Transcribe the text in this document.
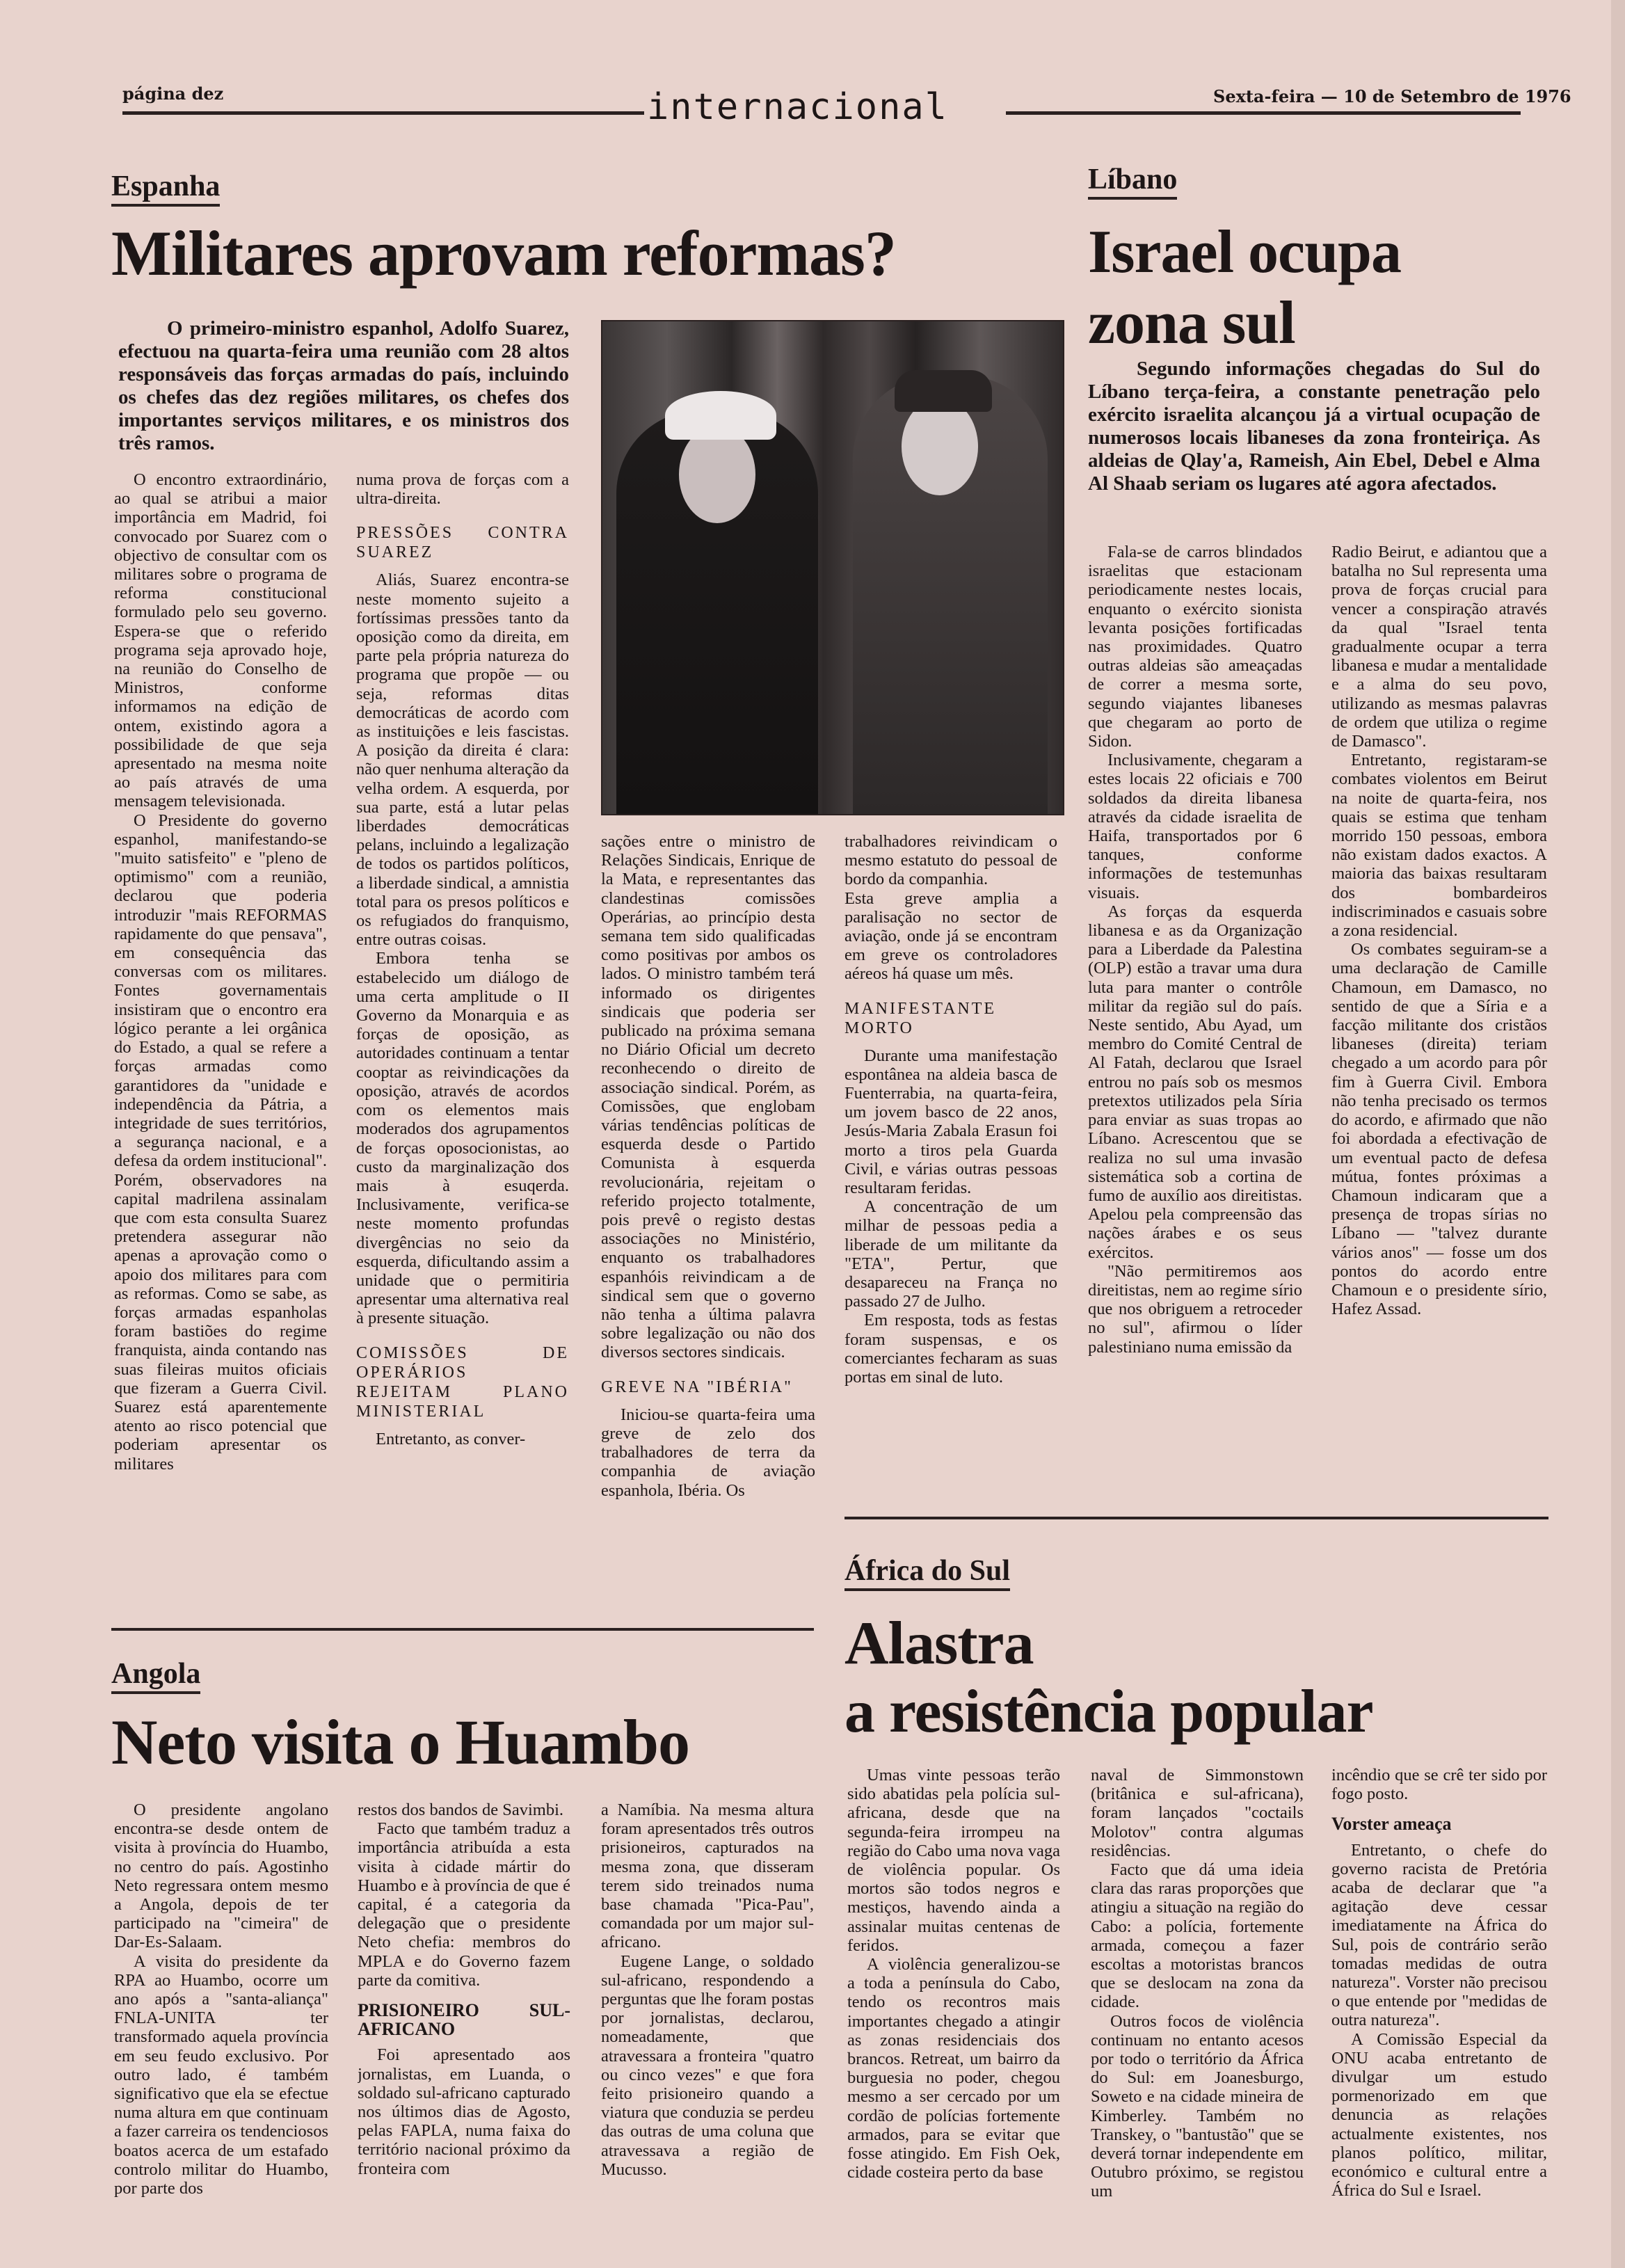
página dez	internacional	Sexta-feira — 10 de Setembro de 1976
Espanha
Militares aprovam reformas?

O primeiro-ministro espanhol, Adolfo Suarez, efectuou na quarta-feira uma reunião com 28 altos responsáveis das forças armadas do país, incluindo os chefes das dez regiões militares, os chefes dos importantes serviços militares, e os ministros dos três ramos.

O encontro extraordinário, ao qual se atribui a maior importância em Madrid, foi convocado por Suarez com o objectivo de consultar com os militares sobre o programa de reforma constitucional formulado pelo seu governo. Espera-se que o referido programa seja aprovado hoje, na reunião do Conselho de Ministros, conforme informamos na edição de ontem, existindo agora a possibilidade de que seja apresentado na mesma noite ao país através de uma mensagem televisionada.

O Presidente do governo espanhol, manifestando-se "muito satisfeito" e "pleno de optimismo" com a reunião, declarou que poderia introduzir "mais REFORMAS rapidamente do que pensava", em consequência das conversas com os militares. Fontes governamentais insistiram que o encontro era lógico perante a lei orgânica do Estado, a qual se refere a forças armadas como garantidores da "unidade e independência da Pátria, a integridade de sues territórios, a segurança nacional, e a defesa da ordem institucional". Porém, observadores na capital madrilena assinalam que com esta consulta Suarez pretendera assegurar não apenas a aprovação como o apoio dos militares para com as reformas. Como se sabe, as forças armadas espanholas foram bastiões do regime franquista, ainda contando nas suas fileiras muitos oficiais que fizeram a Guerra Civil. Suarez está aparentemente atento ao risco potencial que poderiam apresentar os militares

numa prova de forças com a ultra-direita.

PRESSÕES CONTRA SUAREZ

Aliás, Suarez encontra-se neste momento sujeito a fortíssimas pressões tanto da oposição como da direita, em parte pela própria natureza do programa que propõe — ou seja, reformas ditas democráticas de acordo com as instituições e leis fascistas. A posição da direita é clara: não quer nenhuma alteração da velha ordem. A esquerda, por sua parte, está a lutar pelas liberdades democráticas pelans, incluindo a legalização de todos os partidos políticos, a liberdade sindical, a amnistia total para os presos políticos e os refugiados do franquismo, entre outras coisas.

Embora tenha se estabelecido um diálogo de uma certa amplitude o II Governo da Monarquia e as forças de oposição, as autoridades continuam a tentar cooptar as reivindicações da oposição, através de acordos com os elementos mais moderados dos agrupamentos de forças oposocionistas, ao custo da marginalização dos mais à esuqerda. Inclusivamente, verifica-se neste momento profundas divergências no seio da esquerda, dificultando assim a unidade que o permitiria apresentar uma alternativa real à presente situação.

COMISSÕES DE OPERÁRIOS REJEITAM PLANO MINISTERIAL

Entretanto, as conver-

sações entre o ministro de Relações Sindicais, Enrique de la Mata, e representantes das clandestinas comissões Operárias, ao princípio desta semana tem sido qualificadas como positivas por ambos os lados. O ministro também terá informado os dirigentes sindicais que poderia ser publicado na próxima semana no Diário Oficial um decreto reconhecendo o direito de associação sindical. Porém, as Comissões, que englobam várias tendências políticas de esquerda desde o Partido Comunista à esquerda revolucionária, rejeitam o referido projecto totalmente, pois prevê o registo destas associações no Ministério, enquanto os trabalhadores espanhóis reivindicam a de sindical sem que o governo não tenha a última palavra sobre legalização ou não dos diversos sectores sindicais.

GREVE NA "IBÉRIA"

Iniciou-se quarta-feira uma greve de zelo dos trabalhadores de terra da companhia de aviação espanhola, Ibéria. Os

trabalhadores reivindicam o mesmo estatuto do pessoal de bordo da companhia.

Esta greve amplia a paralisação no sector de aviação, onde já se encontram em greve os controladores aéreos há quase um mês.

MANIFESTANTE MORTO

Durante uma manifestação espontânea na aldeia basca de Fuenterrabia, na quarta-feira, um jovem basco de 22 anos, Jesús-Maria Zabala Erasun foi morto a tiros pela Guarda Civil, e várias outras pessoas resultaram feridas.

A concentração de um milhar de pessoas pedia a liberade de um militante da "ETA", Pertur, que desapareceu na França no passado 27 de Julho.

Em resposta, tods as festas foram suspensas, e os comerciantes fecharam as suas portas em sinal de luto.

Líbano
Israel ocupa
zona sul

Segundo informações chegadas do Sul do Líbano terça-feira, a constante penetração pelo exército israelita alcançou já a virtual ocupação de numerosos locais libaneses da zona fronteiriça. As aldeias de Qlay'a, Rameish, Ain Ebel, Debel e Alma Al Shaab seriam os lugares até agora afectados.

Fala-se de carros blindados israelitas que estacionam periodicamente nestes locais, enquanto o exército sionista levanta posições fortificadas nas proximidades. Quatro outras aldeias são ameaçadas de correr a mesma sorte, segundo viajantes libaneses que chegaram ao porto de Sidon.

Inclusivamente, chegaram a estes locais 22 oficiais e 700 soldados da direita libanesa através da cidade israelita de Haifa, transportados por 6 tanques, conforme informações de testemunhas visuais.

As forças da esquerda libanesa e as da Organização para a Liberdade da Palestina (OLP) estão a travar uma dura luta para manter o contrôle militar da região sul do país. Neste sentido, Abu Ayad, um membro do Comité Central de Al Fatah, declarou que Israel entrou no país sob os mesmos pretextos utilizados pela Síria para enviar as suas tropas ao Líbano. Acrescentou que se realiza no sul uma invasão sistemática sob a cortina de fumo de auxílio aos direitistas. Apelou pela compreensão das nações árabes e os seus exércitos.

"Não permitiremos aos direitistas, nem ao regime sírio que nos obriguem a retroceder no sul", afirmou o líder palestiniano numa emissão da

Radio Beirut, e adiantou que a batalha no Sul representa uma prova de forças crucial para vencer a conspiração através da qual "Israel tenta gradualmente ocupar a terra libanesa e mudar a mentalidade e a alma do seu povo, utilizando as mesmas palavras de ordem que utiliza o regime de Damasco".

Entretanto, registaram-se combates violentos em Beirut na noite de quarta-feira, nos quais se estima que tenham morrido 150 pessoas, embora não existam dados exactos. A maioria das baixas resultaram dos bombardeiros indiscriminados e casuais sobre a zona residencial.

Os combates seguiram-se a uma declaração de Camille Chamoun, em Damasco, no sentido de que a Síria e a facção militante dos cristãos libaneses (direita) teriam chegado a um acordo para pôr fim à Guerra Civil. Embora não tenha precisado os termos do acordo, e afirmado que não foi abordada a efectivação de um eventual pacto de defesa mútua, fontes próximas a Chamoun indicaram que a presença de tropas sírias no Líbano — "talvez durante vários anos" — fosse um dos pontos do acordo entre Chamoun e o presidente sírio, Hafez Assad.

Angola
Neto visita o Huambo

O presidente angolano encontra-se desde ontem de visita à província do Huambo, no centro do país. Agostinho Neto regressara ontem mesmo a Angola, depois de ter participado na "cimeira" de Dar-Es-Salaam.

A visita do presidente da RPA ao Huambo, ocorre um ano após a "santa-aliança" FNLA-UNITA ter transformado aquela província em seu feudo exclusivo. Por outro lado, é também significativo que ela se efectue numa altura em que continuam a fazer carreira os tendenciosos boatos acerca de um estafado controlo militar do Huambo, por parte dos

restos dos bandos de Savimbi.

Facto que também traduz a importância atribuída a esta visita à cidade mártir do Huambo e à província de que é capital, é a categoria da delegação que o presidente Neto chefia: membros do MPLA e do Governo fazem parte da comitiva.

PRISIONEIRO SUL-AFRICANO

Foi apresentado aos jornalistas, em Luanda, o soldado sul-africano capturado nos últimos dias de Agosto, pelas FAPLA, numa faixa do território nacional próximo da fronteira com

a Namíbia. Na mesma altura foram apresentados três outros prisioneiros, capturados na mesma zona, que disseram terem sido treinados numa base chamada "Pica-Pau", comandada por um major sul-africano.

Eugene Lange, o soldado sul-africano, respondendo a perguntas que lhe foram postas por jornalistas, declarou, nomeadamente, que atravessara a fronteira "quatro ou cinco vezes" e que fora feito prisioneiro quando a viatura que conduzia se perdeu das outras de uma coluna que atravessava a região de Mucusso.

África do Sul
Alastra
a resistência popular

Umas vinte pessoas terão sido abatidas pela polícia sul-africana, desde que na segunda-feira irrompeu na região do Cabo uma nova vaga de violência popular. Os mortos são todos negros e mestiços, havendo ainda a assinalar muitas centenas de feridos.

A violência generalizou-se a toda a península do Cabo, tendo os recontros mais importantes chegado a atingir as zonas residenciais dos brancos. Retreat, um bairro da burguesia no poder, chegou mesmo a ser cercado por um cordão de polícias fortemente armados, para se evitar que fosse atingido. Em Fish Oek, cidade costeira perto da base

naval de Simmonstown (britânica e sul-africana), foram lançados "coctails Molotov" contra algumas residências.

Facto que dá uma ideia clara das raras proporções que atingiu a situação na região do Cabo: a polícia, fortemente armada, começou a fazer escoltas a motoristas brancos que se deslocam na zona da cidade.

Outros focos de violência continuam no entanto acesos por todo o território da África do Sul: em Joanesburgo, Soweto e na cidade mineira de Kimberley. Também no Transkey, o "bantustão" que se deverá tornar independente em Outubro próximo, se registou um

incêndio que se crê ter sido por fogo posto.

Vorster ameaça

Entretanto, o chefe do governo racista de Pretória acaba de declarar que "a agitação deve cessar imediatamente na África do Sul, pois de contrário serão tomadas medidas de outra natureza". Vorster não precisou o que entende por "medidas de outra natureza".

A Comissão Especial da ONU acaba entretanto de divulgar um estudo pormenorizado em que denuncia as relações actualmente existentes, nos planos político, militar, económico e cultural entre a África do Sul e Israel.
